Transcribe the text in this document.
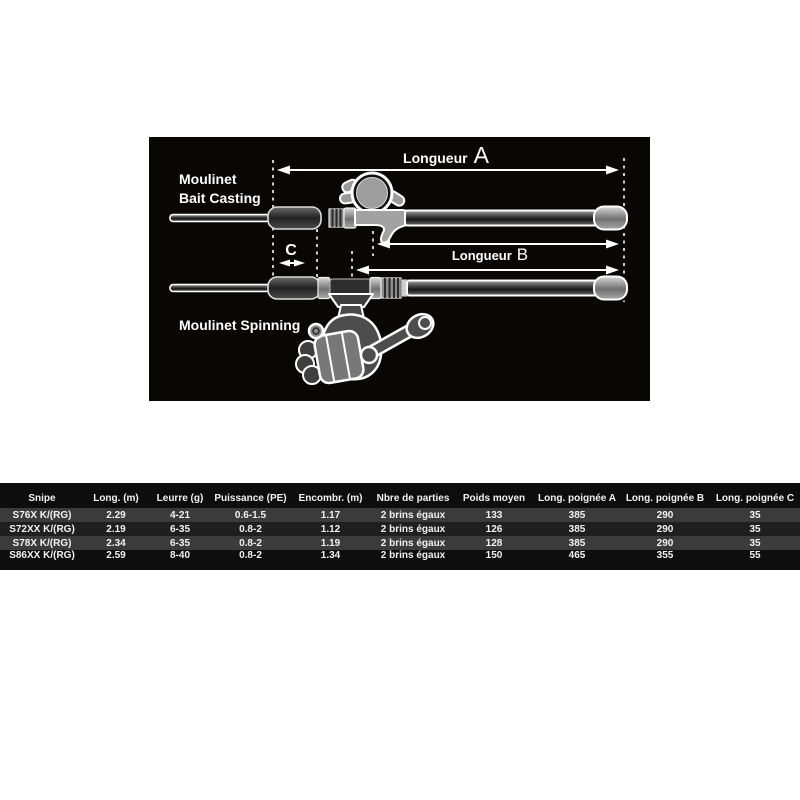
Longueur A
C	Longueur B
Moulinet
Bait Casting
Moulinet Spinning
Snipe	Long. (m)	Leurre (g)	Puissance (PE)	Encombr. (m)	Nbre de parties	Poids moyen	Long. poignée A	Long. poignée B	Long. poignée C
S76X K/(RG)	2.29	4-21	0.6-1.5	1.17	2 brins égaux	133	385	290	35
S72XX K/(RG)	2.19	6-35	0.8-2	1.12	2 brins égaux	126	385	290	35
S78X K/(RG)	2.34	6-35	0.8-2	1.19	2 brins égaux	128	385	290	35
S86XX K/(RG)	2.59	8-40	0.8-2	1.34	2 brins égaux	150	465	355	55
